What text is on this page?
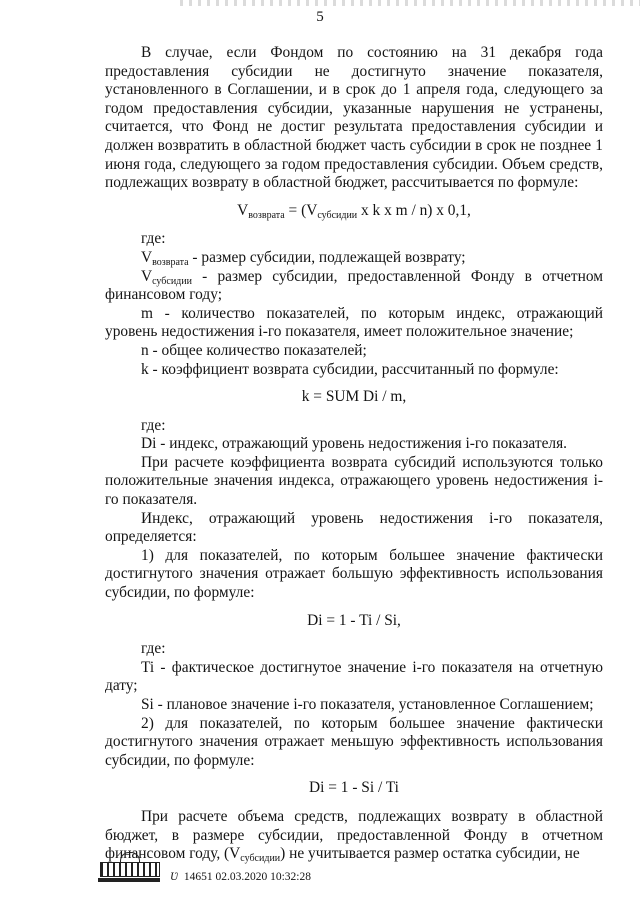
5

В случае, если Фондом по состоянию на 31 декабря года предоставления субсидии не достигнуто значение показателя, установленного в Соглашении, и в срок до 1 апреля года, следующего за годом предоставления субсидии, указанные нарушения не устранены, считается, что Фонд не достиг результата предоставления субсидии и должен возвратить в областной бюджет часть субсидии в срок не позднее 1 июня года, следующего за годом предоставления субсидии. Объем средств, подлежащих возврату в областной бюджет, рассчитывается по формуле:

$V_{возврата} = (V_{субсидии}$ x k x m / n) x 0,1,

где:

$V_{возврата}$ - размер субсидии, подлежащей возврату;

$V_{субсидии}$ - размер субсидии, предоставленной Фонду в отчетном финансовом году;

m - количество показателей, по которым индекс, отражающий уровень недостижения i-го показателя, имеет положительное значение;

n - общее количество показателей;

k - коэффициент возврата субсидии, рассчитанный по формуле:

k = SUM Di / m,

где:

Di - индекс, отражающий уровень недостижения i-го показателя.

При расчете коэффициента возврата субсидий используются только положительные значения индекса, отражающего уровень недостижения i-го показателя.

Индекс, отражающий уровень недостижения i-го показателя, определяется:

1) для показателей, по которым большее значение фактически достигнутого значения отражает большую эффективность использования субсидии, по формуле:

Di = 1 - Ti / Si,

где:

Ti - фактическое достигнутое значение i-го показателя на отчетную дату;

Si - плановое значение i-го показателя, установленное Соглашением;

2) для показателей, по которым большее значение фактически достигнутого значения отражает меньшую эффективность использования субсидии, по формуле:

Di = 1 - Si / Ti

При расчете объема средств, подлежащих возврату в областной бюджет, в размере субсидии, предоставленной Фонду в отчетном финансовом году, $(V_{субсидии})$ не учитывается размер остатка субсидии, не

Ʋ 14651 02.03.2020 10:32:28
